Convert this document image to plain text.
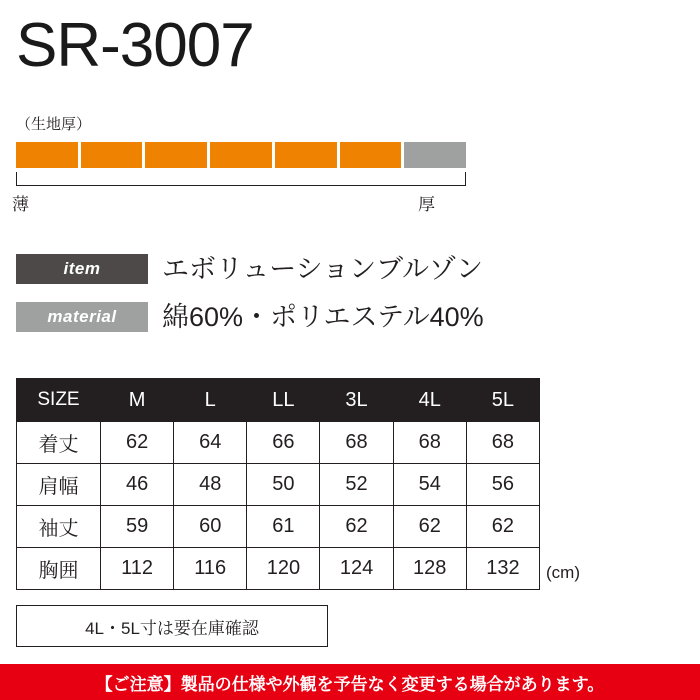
SR-3007
（生地厚）
薄	厚
item	エボリューションブルゾン
material	綿60%・ポリエステル40%
SIZE	M	L	LL	3L	4L	5L
着丈	62	64	66	68	68	68
肩幅	46	48	50	52	54	56
袖丈	59	60	61	62	62	62
胸囲	112	116	120	124	128	132 (cm)
4L・5L寸は要在庫確認
【ご注意】製品の仕様や外観を予告なく変更する場合があります。
